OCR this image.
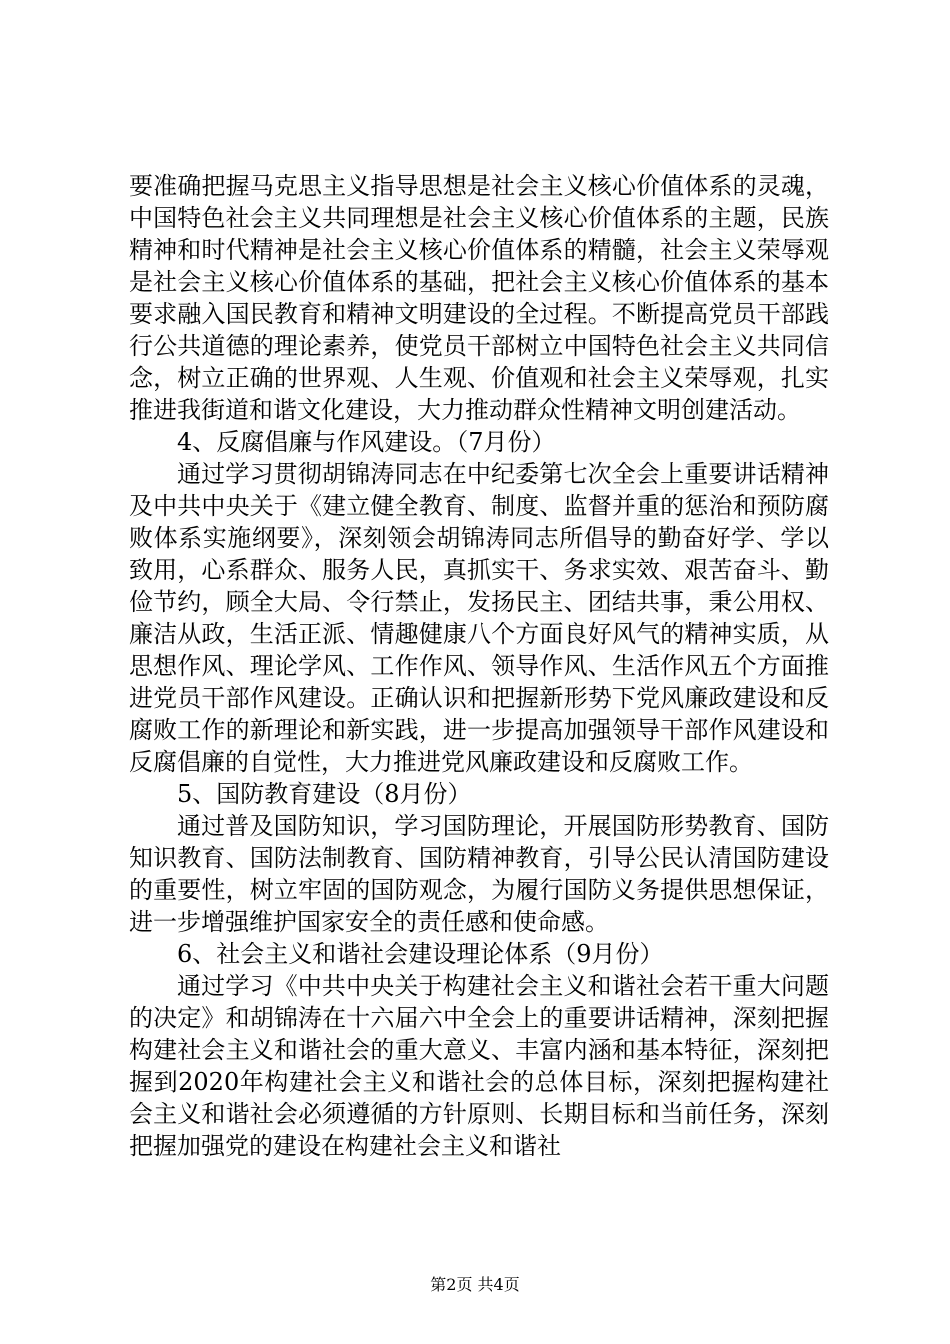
要准确把握马克思主义指导思想是社会主义核心价值体系的灵魂，中国特色社会主义共同理想是社会主义核心价值体系的主题，民族精神和时代精神是社会主义核心价值体系的精髓，社会主义荣辱观是社会主义核心价值体系的基础，把社会主义核心价值体系的基本要求融入国民教育和精神文明建设的全过程。不断提高党员干部践行公共道德的理论素养，使党员干部树立中国特色社会主义共同信念，树立正确的世界观、人生观、价值观和社会主义荣辱观，扎实推进我街道和谐文化建设，大力推动群众性精神文明创建活动。

4、反腐倡廉与作风建设。（7月份）

通过学习贯彻胡锦涛同志在中纪委第七次全会上重要讲话精神及中共中央关于《建立健全教育、制度、监督并重的惩治和预防腐败体系实施纲要》，深刻领会胡锦涛同志所倡导的勤奋好学、学以致用，心系群众、服务人民，真抓实干、务求实效、艰苦奋斗、勤俭节约，顾全大局、令行禁止，发扬民主、团结共事，秉公用权、廉洁从政，生活正派、情趣健康八个方面良好风气的精神实质，从思想作风、理论学风、工作作风、领导作风、生活作风五个方面推进党员干部作风建设。正确认识和把握新形势下党风廉政建设和反腐败工作的新理论和新实践，进一步提高加强领导干部作风建设和反腐倡廉的自觉性，大力推进党风廉政建设和反腐败工作。

5、国防教育建设（8月份）

通过普及国防知识，学习国防理论，开展国防形势教育、国防知识教育、国防法制教育、国防精神教育，引导公民认清国防建设的重要性，树立牢固的国防观念，为履行国防义务提供思想保证，进一步增强维护国家安全的责任感和使命感。

6、社会主义和谐社会建设理论体系（9月份）

通过学习《中共中央关于构建社会主义和谐社会若干重大问题的决定》和胡锦涛在十六届六中全会上的重要讲话精神，深刻把握构建社会主义和谐社会的重大意义、丰富内涵和基本特征，深刻把握到2020年构建社会主义和谐社会的总体目标，深刻把握构建社会主义和谐社会必须遵循的方针原则、长期目标和当前任务，深刻把握加强党的建设在构建社会主义和谐社

第2页 共4页
